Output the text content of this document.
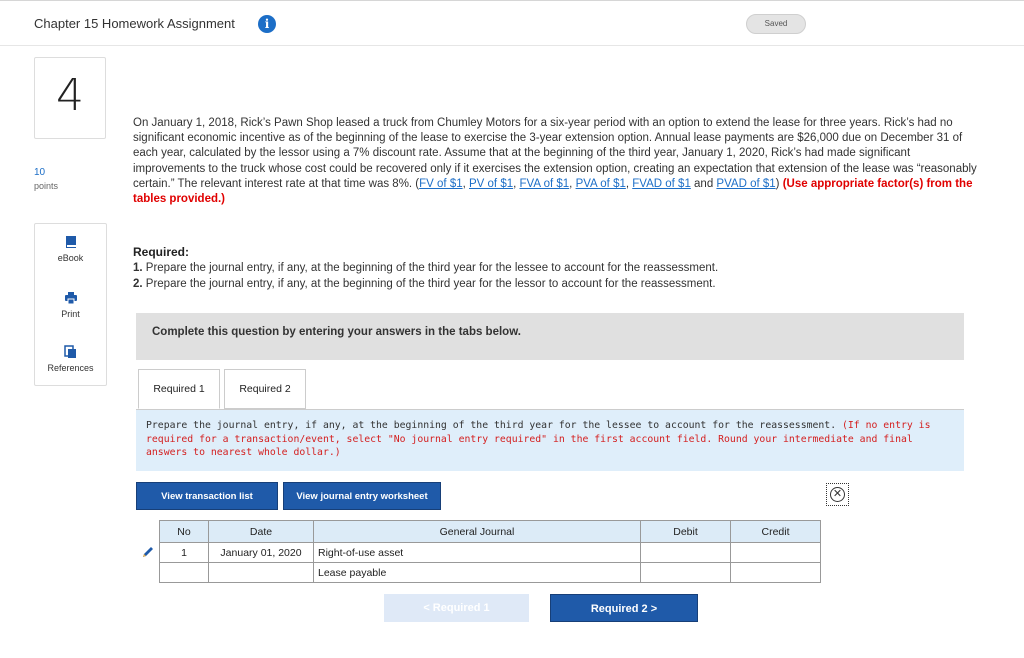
Chapter 15 Homework Assignment	i	Saved
4
10
points
eBook
Print
References
On January 1, 2018, Rick’s Pawn Shop leased a truck from Chumley Motors for a six-year period with an option to extend the lease for three years. Rick’s had no significant economic incentive as of the beginning of the lease to exercise the 3-year extension option. Annual lease payments are $26,000 due on December 31 of each year, calculated by the lessor using a 7% discount rate. Assume that at the beginning of the third year, January 1, 2020, Rick’s had made significant improvements to the truck whose cost could be recovered only if it exercises the extension option, creating an expectation that extension of the lease was “reasonably certain.” The relevant interest rate at that time was 8%. (FV of $1, PV of $1, FVA of $1, PVA of $1, FVAD of $1 and PVAD of $1) (Use appropriate factor(s) from the tables provided.)
Required:
1. Prepare the journal entry, if any, at the beginning of the third year for the lessee to account for the reassessment.
2. Prepare the journal entry, if any, at the beginning of the third year for the lessor to account for the reassessment.
Complete this question by entering your answers in the tabs below.
Required 1	Required 2
Prepare the journal entry, if any, at the beginning of the third year for the lessee to account for the reassessment. (If no entry is required for a transaction/event, select "No journal entry required" in the first account field. Round your intermediate and final answers to nearest whole dollar.)
View transaction list	View journal entry worksheet	✕
No	Date	General Journal	Debit	Credit
1	January 01, 2020	Right-of-use asset		
		Lease payable		
< Required 1	Required 2 >
